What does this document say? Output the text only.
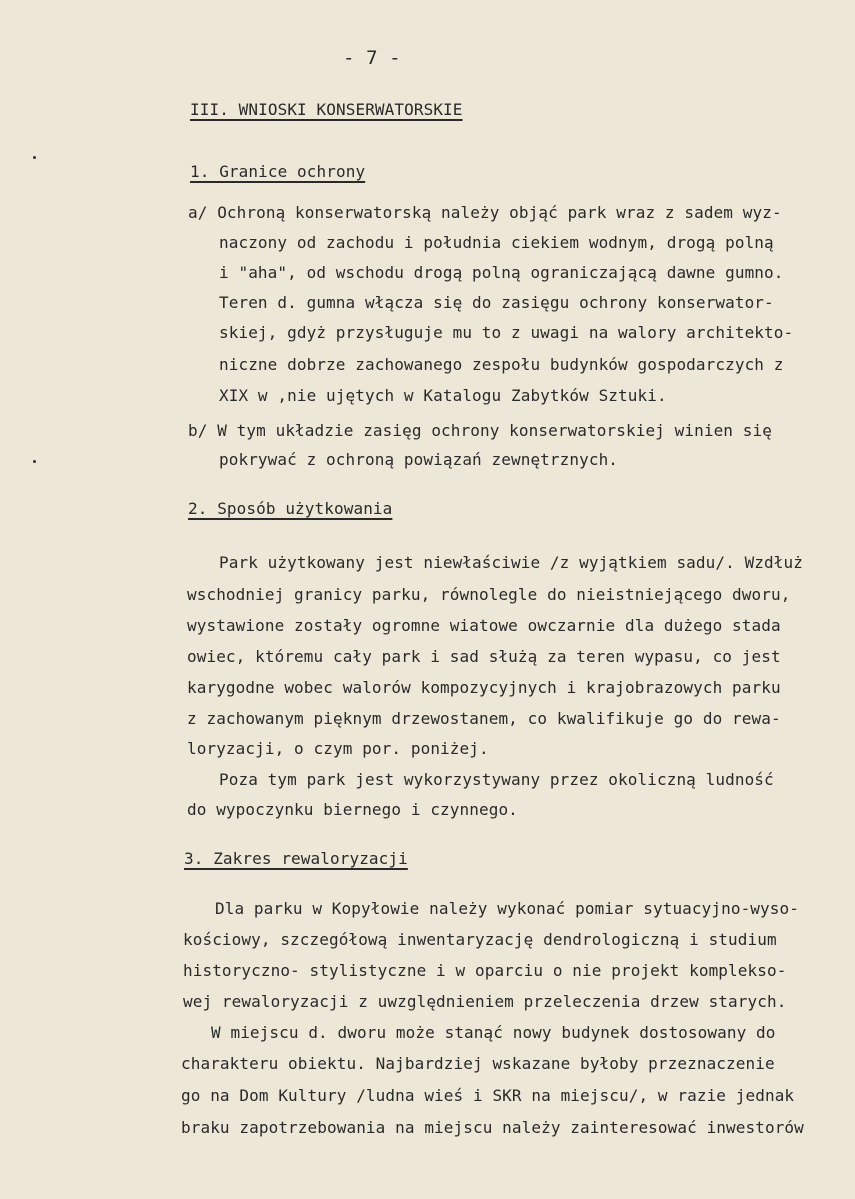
- 7 -
III. WNIOSKI KONSERWATORSKIE
1. Granice ochrony
a/ Ochroną konserwatorską należy objąć park wraz z sadem wyz-
naczony od zachodu i południa ciekiem wodnym, drogą polną
i "aha", od wschodu drogą polną ograniczającą dawne gumno.
Teren d. gumna włącza się do zasięgu ochrony konserwator-
skiej, gdyż przysługuje mu to z uwagi na walory architekto-
niczne dobrze zachowanego zespołu budynków gospodarczych z
XIX w ,nie ujętych w Katalogu Zabytków Sztuki.
b/ W tym układzie zasięg ochrony konserwatorskiej winien się
pokrywać z ochroną powiązań zewnętrznych.
2. Sposób użytkowania
Park użytkowany jest niewłaściwie /z wyjątkiem sadu/. Wzdłuż
wschodniej granicy parku, równolegle do nieistniejącego dworu,
wystawione zostały ogromne wiatowe owczarnie dla dużego stada
owiec, któremu cały park i sad służą za teren wypasu, co jest
karygodne wobec walorów kompozycyjnych i krajobrazowych parku
z zachowanym pięknym drzewostanem, co kwalifikuje go do rewa-
loryzacji, o czym por. poniżej.
Poza tym park jest wykorzystywany przez okoliczną ludność
do wypoczynku biernego i czynnego.
3. Zakres rewaloryzacji
Dla parku w Kopyłowie należy wykonać pomiar sytuacyjno-wyso-
kościowy, szczegółową inwentaryzację dendrologiczną i studium
historyczno- stylistyczne i w oparciu o nie projekt kompleksо-
wej rewaloryzacji z uwzględnieniem przeleczenia drzew starych.
W miejscu d. dworu może stanąć nowy budynek dostosowany do
charakteru obiektu. Najbardziej wskazane byłoby przeznaczenie
go na Dom Kultury /ludna wieś i SKR na miejscu/, w razie jednak
braku zapotrzebowania na miejscu należy zainteresować inwestorów
